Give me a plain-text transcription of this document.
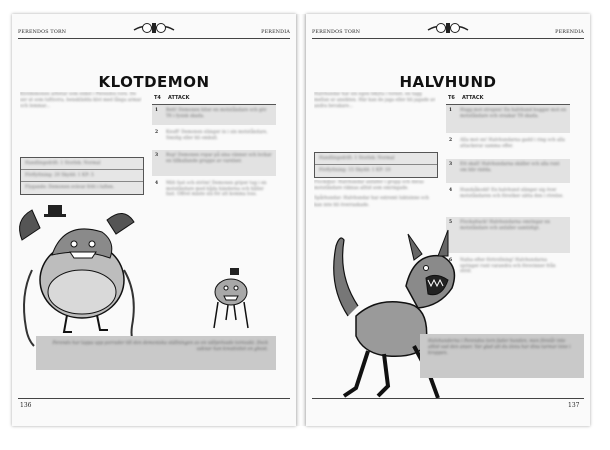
PERENDOS TORN	PERENDIA
KLOTDEMON
Klotdemonen arbetar som enkel i Perendos torn. De ser ut som lufttorra, bensklädda klot med långa armar och lemmar...
Handlingsdrift: 1 Storlek: Normal
Förflyttning: 20 Skydd: 1 KP: 5
Flygande: Demonen svävar fritt i luften.
T4 ATTACK
1 Bett! Demonen biter en motståndare och gör T6 i fysisk skada.
2 Knuff! Demonen slänger in i sin motståndare, Smidig eller bli omkull.
3 Rop! Demonen ropar på sina vänner och lockar en tillkallande gruppe av varelser.
4 Mitt fast och ström! Demonen griper tag i en motståndare med båda händerna och håller fast. Offret måste slå för att komma loss.
Perendo har lappa upp porrader till den demoniska ställningen av en vällprövade tornvakt. Dock saknar han kreativitet en ghost.
136
PERENDOS TORN	PERENDIA
HALVHUND
Halvhundar har sin egen lekyta i tornet, en tagg mellan ur ansikten. Här kan de jaga eller bli jagade av andra bevakare...
Handlingsdrift: 1 Storlek: Normal
Förflyttning: 15 Skydd: 1 KP: 10
Flockdjur: Halvhundar anfaller i grupp och deras motståndare räknas alltid som omringade.
Spårhundar: Halvhundar har extremt luktsinne och kan inte bli överraskade.
T6 ATTACK
1 Hugg mot strupen! En halvhund hugger mot en motståndare och orsakar T8 skada.
2 Alla mot en! Halvhundarna gadd i ring och alla attackerar samma offer.
3 Ett skall! Halvhundarna skäller och alla runt om blir rädda.
4 Hundsåkodd! En halvhund slänger sig över motståndaren och försöker sätta den i rörelse.
5 Flockattack! Halvhundarna omringar en motståndare och anfaller samtidigt.
6 Nafsa efter förtrollning! Halvhundarna springer runt varandra och försvinner från strid.
Halvhunderna i Perendos torn fader hunden, men förstår inte alltid vad den anser. Var glad att du ännu har dina tarmar inne i kroppen.
137
